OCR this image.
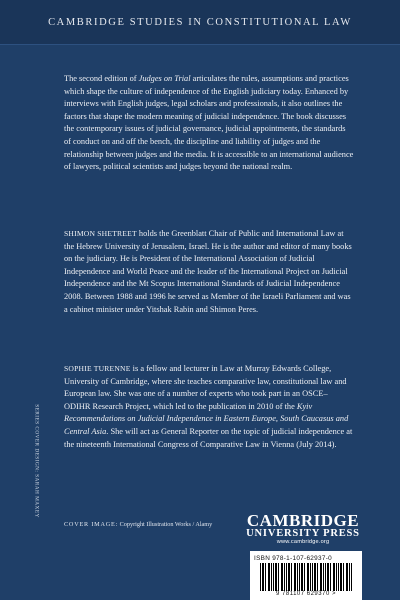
CAMBRIDGE STUDIES IN CONSTITUTIONAL LAW
The second edition of Judges on Trial articulates the rules, assumptions and practices which shape the culture of independence of the English judiciary today. Enhanced by interviews with English judges, legal scholars and professionals, it also outlines the factors that shape the modern meaning of judicial independence. The book discusses the contemporary issues of judicial governance, judicial appointments, the standards of conduct on and off the bench, the discipline and liability of judges and the relationship between judges and the media. It is accessible to an international audience of lawyers, political scientists and judges beyond the national realm.
SHIMON SHETREET holds the Greenblatt Chair of Public and International Law at the Hebrew University of Jerusalem, Israel. He is the author and editor of many books on the judiciary. He is President of the International Association of Judicial Independence and World Peace and the leader of the International Project on Judicial Independence and the Mt Scopus International Standards of Judicial Independence 2008. Between 1988 and 1996 he served as Member of the Israeli Parliament and was a cabinet minister under Yitshak Rabin and Shimon Peres.
SOPHIE TURENNE is a fellow and lecturer in Law at Murray Edwards College, University of Cambridge, where she teaches comparative law, constitutional law and European law. She was one of a number of experts who took part in an OSCE–ODIHR Research Project, which led to the publication in 2010 of the Kyiv Recommendations on Judicial Independence in Eastern Europe, South Caucasus and Central Asia. She will act as General Reporter on the topic of judicial independence at the nineteenth International Congress of Comparative Law in Vienna (July 2014).
SERIES COVER DESIGN: SARAH MAXEY
COVER IMAGE: Copyright Illustration Works / Alamy	CAMBRIDGE
UNIVERSITY PRESS
www.cambridge.org
ISBN 978-1-107-62937-0
9 781107 629370 >
